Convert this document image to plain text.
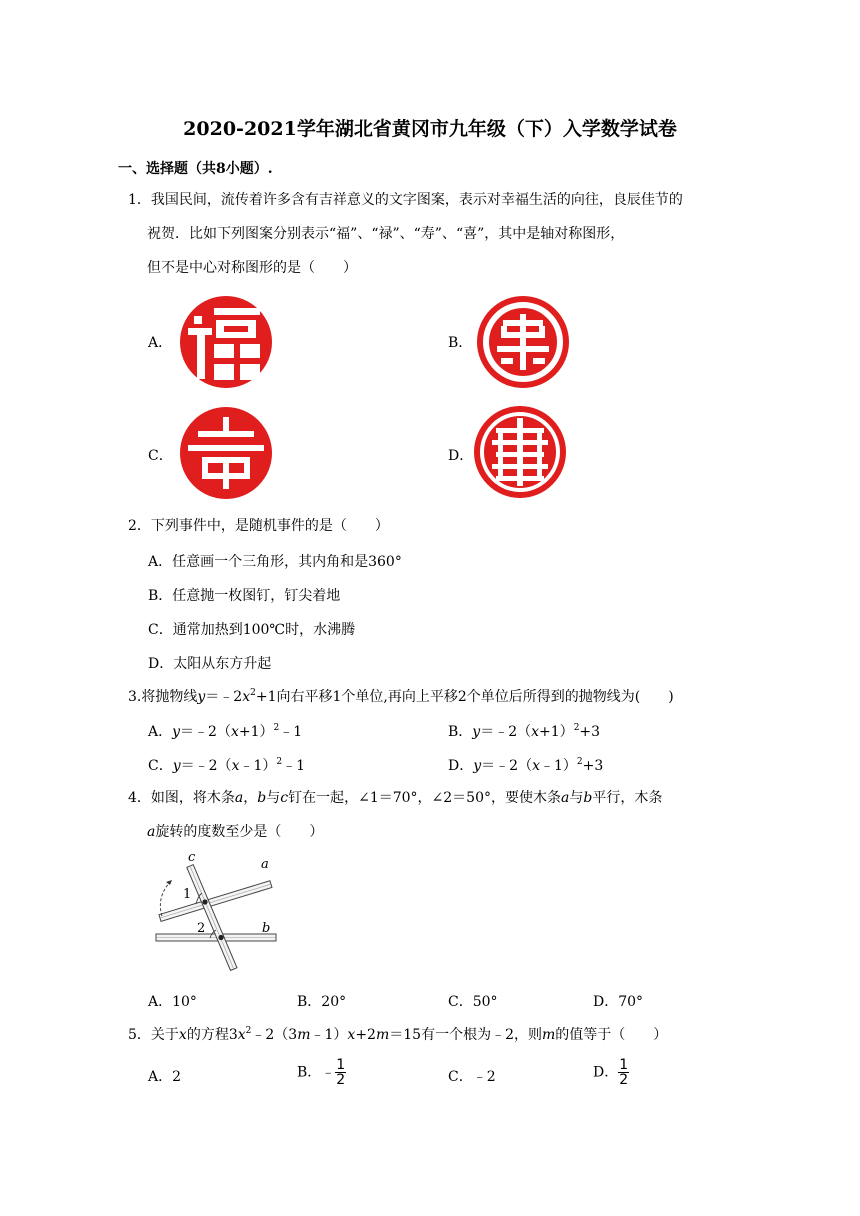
2020-2021学年湖北省黄冈市九年级（下）入学数学试卷
一、选择题（共8小题）.
1．我国民间，流传着许多含有吉祥意义的文字图案，表示对幸福生活的向往，良辰佳节的
祝贺．比如下列图案分别表示“福”、“禄”、“寿”、“喜”，其中是轴对称图形，
但不是中心对称图形的是（　　）
A．	B．
C．	D．
2．下列事件中，是随机事件的是（　　）
A．任意画一个三角形，其内角和是360°
B．任意抛一枚图钉，钉尖着地
C．通常加热到100℃时，水沸腾
D．太阳从东方升起
3.将抛物线$y=﹣2x^2+1$向右平移1个单位,再向上平移2个单位后所得到的抛物线为(　　)
A．$y=﹣2(x+1)^2﹣1$	B．$y=﹣2(x+1)^2+3$
C．y＝﹣2（x﹣1）$^2$﹣1	D．y＝﹣2（x﹣1）$^2$+3
4．如图，将木条a，b与c钉在一起，∠1＝70°，∠2＝50°，要使木条a与b平行，木条
a旋转的度数至少是（　　）
c	a
1
2	b
A．10°	B．20°	C．50°	D．70°
5．关于x的方程$3x^2﹣2(3m﹣1)x+2m=15$有一个根为﹣2，则m的值等于（　　）
A．2	B．﹣ $\frac{1}{2}$	C．﹣2	D． $\frac{1}{2}$
